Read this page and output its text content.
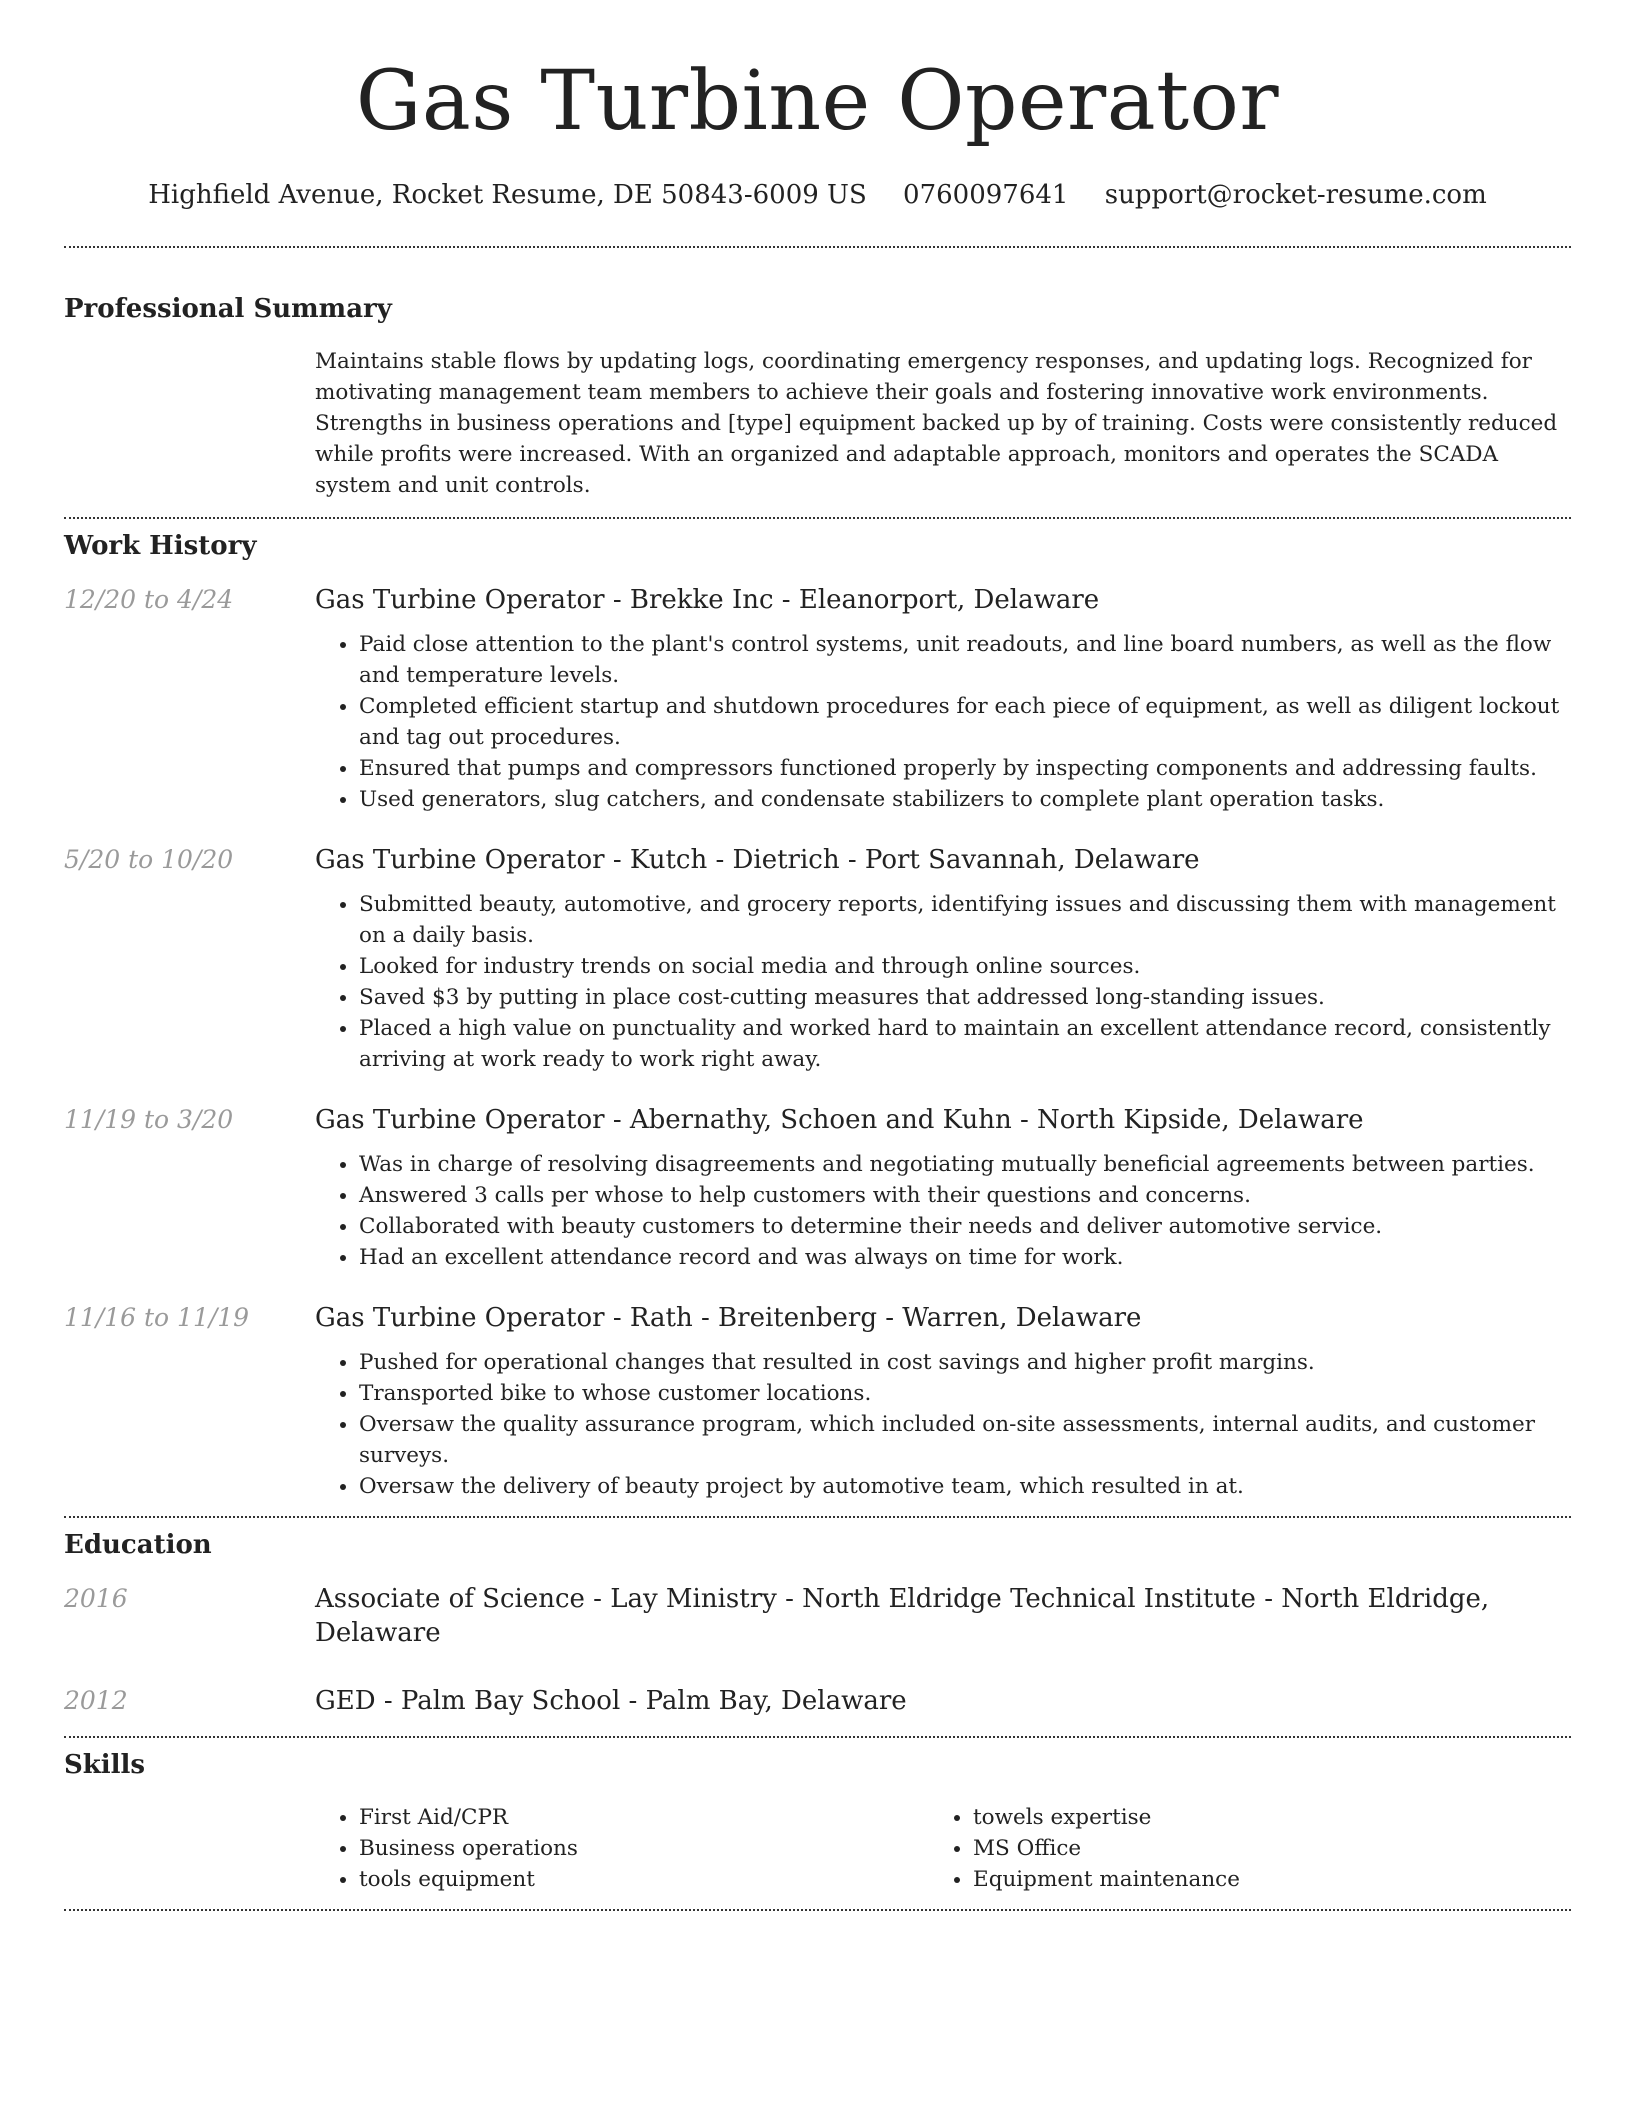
Gas Turbine Operator
Highfield Avenue, Rocket Resume, DE 50843-6009 US 0760097641 support@rocket-resume.com
Professional Summary
Maintains stable flows by updating logs, coordinating emergency responses, and updating logs. Recognized for motivating management team members to achieve their goals and fostering innovative work environments. Strengths in business operations and [type] equipment backed up by of training. Costs were consistently reduced while profits were increased. With an organized and adaptable approach, monitors and operates the SCADA system and unit controls.
Work History
12/20 to 4/24	Gas Turbine Operator - Brekke Inc - Eleanorport, Delaware
• Paid close attention to the plant's control systems, unit readouts, and line board numbers, as well as the flow and temperature levels.
• Completed efficient startup and shutdown procedures for each piece of equipment, as well as diligent lockout and tag out procedures.
• Ensured that pumps and compressors functioned properly by inspecting components and addressing faults.
• Used generators, slug catchers, and condensate stabilizers to complete plant operation tasks.
5/20 to 10/20	Gas Turbine Operator - Kutch - Dietrich - Port Savannah, Delaware
• Submitted beauty, automotive, and grocery reports, identifying issues and discussing them with management on a daily basis.
• Looked for industry trends on social media and through online sources.
• Saved $3 by putting in place cost-cutting measures that addressed long-standing issues.
• Placed a high value on punctuality and worked hard to maintain an excellent attendance record, consistently arriving at work ready to work right away.
11/19 to 3/20	Gas Turbine Operator - Abernathy, Schoen and Kuhn - North Kipside, Delaware
• Was in charge of resolving disagreements and negotiating mutually beneficial agreements between parties.
• Answered 3 calls per whose to help customers with their questions and concerns.
• Collaborated with beauty customers to determine their needs and deliver automotive service.
• Had an excellent attendance record and was always on time for work.
11/16 to 11/19	Gas Turbine Operator - Rath - Breitenberg - Warren, Delaware
• Pushed for operational changes that resulted in cost savings and higher profit margins.
• Transported bike to whose customer locations.
• Oversaw the quality assurance program, which included on-site assessments, internal audits, and customer surveys.
• Oversaw the delivery of beauty project by automotive team, which resulted in at.
Education
2016	Associate of Science - Lay Ministry - North Eldridge Technical Institute - North Eldridge, Delaware
2012	GED - Palm Bay School - Palm Bay, Delaware
Skills
• First Aid/CPR
• Business operations
• tools equipment
• towels expertise
• MS Office
• Equipment maintenance
